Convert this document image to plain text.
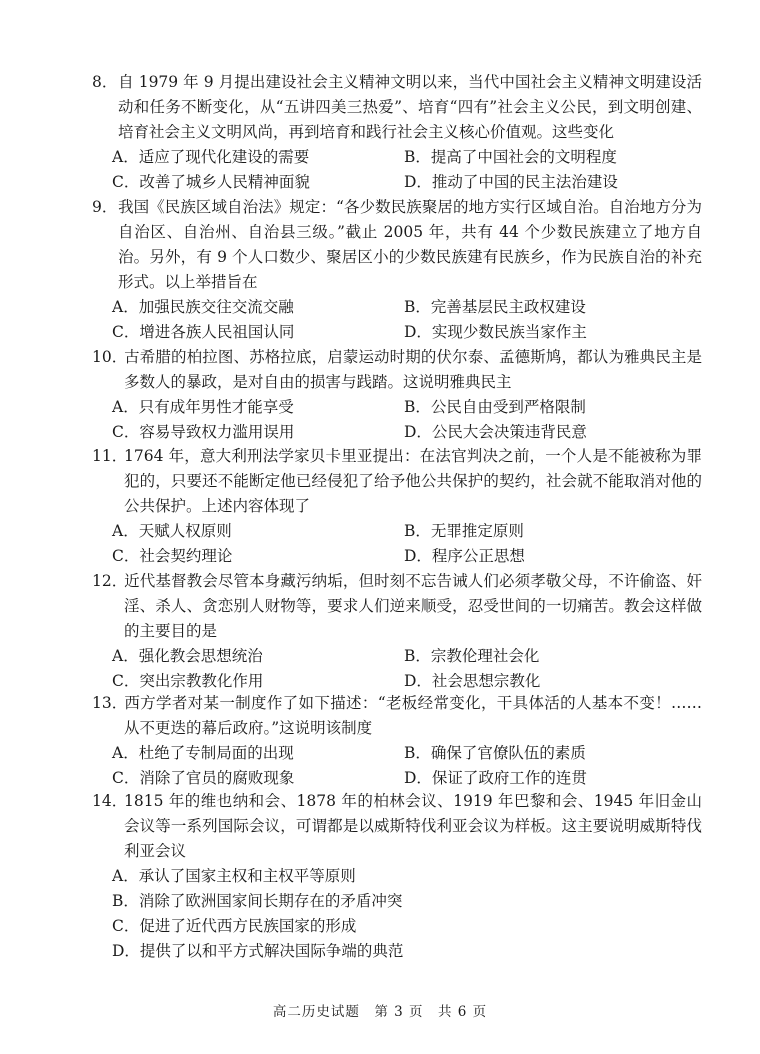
8．自 1979 年 9 月提出建设社会主义精神文明以来，当代中国社会主义精神文明建设活动和任务不断变化，从“五讲四美三热爱”、培育“四有”社会主义公民，到文明创建、培育社会主义文明风尚，再到培育和践行社会主义核心价值观。这些变化

A．适应了现代化建设的需要	B．提高了中国社会的文明程度
C．改善了城乡人民精神面貌	D．推动了中国的民主法治建设

9．我国《民族区域自治法》规定：“各少数民族聚居的地方实行区域自治。自治地方分为自治区、自治州、自治县三级。”截止 2005 年，共有 44 个少数民族建立了地方自治。另外，有 9 个人口数少、聚居区小的少数民族建有民族乡，作为民族自治的补充形式。以上举措旨在

A．加强民族交往交流交融	B．完善基层民主政权建设
C．增进各族人民祖国认同	D．实现少数民族当家作主

10．古希腊的柏拉图、苏格拉底，启蒙运动时期的伏尔泰、孟德斯鸠，都认为雅典民主是多数人的暴政，是对自由的损害与践踏。这说明雅典民主

A．只有成年男性才能享受	B．公民自由受到严格限制
C．容易导致权力滥用误用	D．公民大会决策违背民意

11．1764 年，意大利刑法学家贝卡里亚提出：在法官判决之前，一个人是不能被称为罪犯的，只要还不能断定他已经侵犯了给予他公共保护的契约，社会就不能取消对他的公共保护。上述内容体现了

A．天赋人权原则	B．无罪推定原则
C．社会契约理论	D．程序公正思想

12．近代基督教会尽管本身藏污纳垢，但时刻不忘告诫人们必须孝敬父母，不许偷盗、奸淫、杀人、贪恋别人财物等，要求人们逆来顺受，忍受世间的一切痛苦。教会这样做的主要目的是

A．强化教会思想统治	B．宗教伦理社会化
C．突出宗教教化作用	D．社会思想宗教化

13．西方学者对某一制度作了如下描述：“老板经常变化，干具体活的人基本不变！……从不更迭的幕后政府。”这说明该制度

A．杜绝了专制局面的出现	B．确保了官僚队伍的素质
C．消除了官员的腐败现象	D．保证了政府工作的连贯

14．1815 年的维也纳和会、1878 年的柏林会议、1919 年巴黎和会、1945 年旧金山会议等一系列国际会议，可谓都是以威斯特伐利亚会议为样板。这主要说明威斯特伐利亚会议

A．承认了国家主权和主权平等原则
B．消除了欧洲国家间长期存在的矛盾冲突
C．促进了近代西方民族国家的形成
D．提供了以和平方式解决国际争端的典范
高二历史试题　第 3 页　共 6 页
